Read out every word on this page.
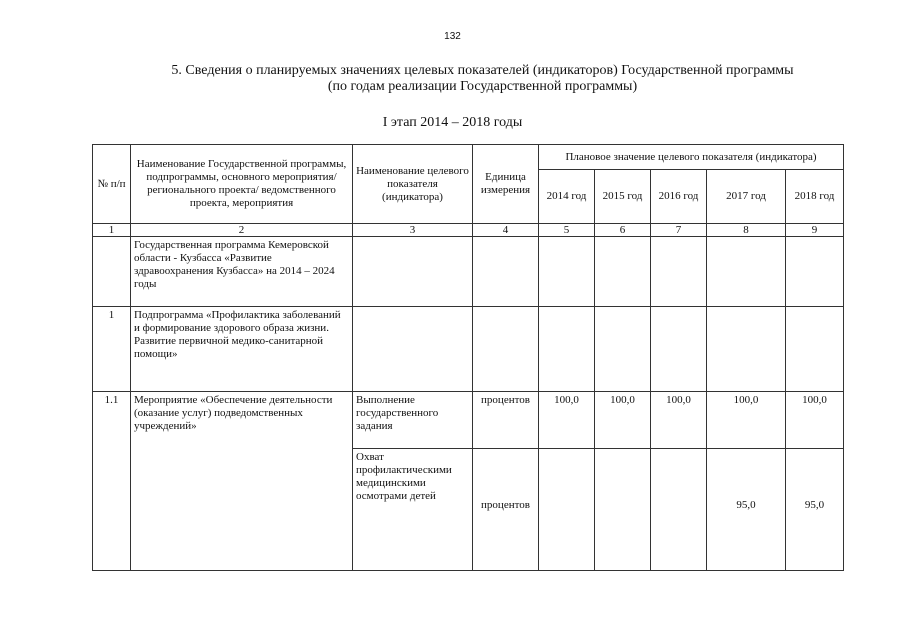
132
5. Сведения о планируемых значениях целевых показателей (индикаторов) Государственной программы
(по годам реализации Государственной программы)
I этап 2014 – 2018 годы
№ п/п	Наименование Государственной программы, подпрограммы, основного мероприятия/ регионального проекта/ ведомственного проекта, мероприятия	Наименование целевого показателя (индикатора)	Единица измерения	Плановое значение целевого показателя (индикатора)				
				2014 год	2015 год	2016 год	2017 год	2018 год
1	2	3	4	5	6	7	8	9
	Государственная программа Кемеровской области - Кузбасса «Развитие здравоохранения Кузбасса» на 2014 – 2024 годы							
1	Подпрограмма «Профилактика заболеваний и формирование здорового образа жизни. Развитие первичной медико-санитарной помощи»							
1.1	Мероприятие «Обеспечение деятельности (оказание услуг) подведомственных учреждений»	Выполнение государственного задания	процентов	100,0	100,0	100,0	100,0	100,0
		Охват профилактическими медицинскими осмотрами детей	процентов				95,0	95,0
